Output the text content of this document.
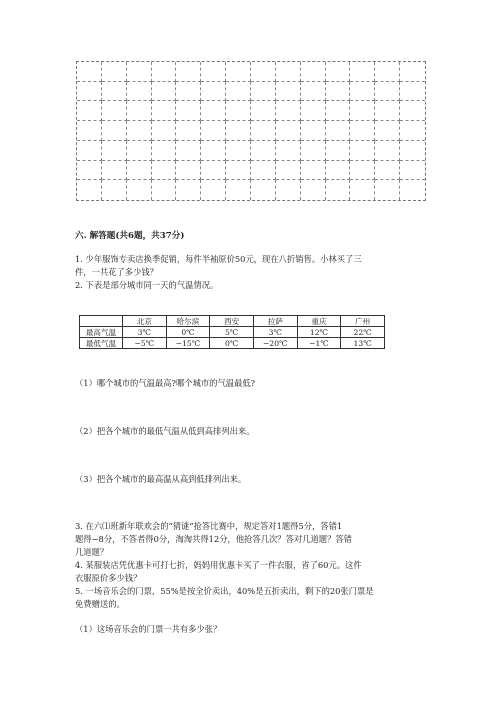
六. 解答题(共6题，共37分)
1. 少年服饰专卖店换季促销，每件半袖原价50元，现在八折销售。小林买了三
件，一共花了多少钱？
2. 下表是部分城市同一天的气温情况。
	北京	哈尔滨	西安	拉萨	重庆	广州
最高气温	3℃	0℃	5℃	3℃	12℃	22℃
最低气温	−5℃	−15℃	0℃	−20℃	−1℃	13℃
（1）哪个城市的气温最高?哪个城市的气温最低?
（2）把各个城市的最低气温从低到高排列出来。
（3）把各个城市的最高温从高到低排列出来。
3. 在六⑴班新年联欢会的“猜谜”抢答比赛中，规定答对1题得5分，答错1
题得−8分，不答者得0分，淘淘共得12分，他抢答几次？答对几道题？答错
几道题？
4. 某服装店凭优惠卡可打七折，妈妈用优惠卡买了一件衣服，省了60元。这件
衣服原价多少钱？
5. 一场音乐会的门票，55%是按全价卖出，40%是五折卖出，剩下的20张门票是
免费赠送的。
（1）这场音乐会的门票一共有多少张？
